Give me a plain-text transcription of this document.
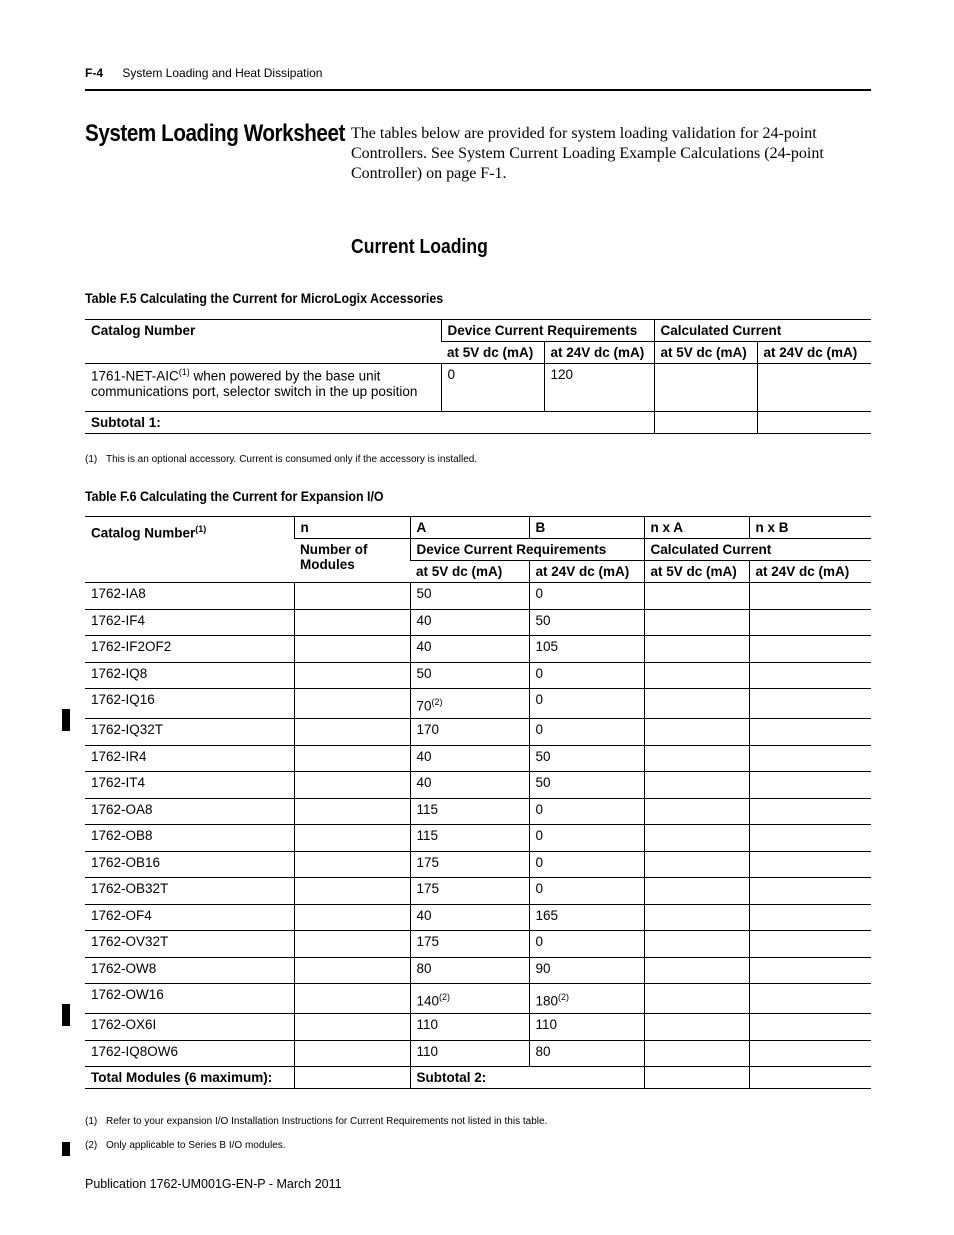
F-4 System Loading and Heat Dissipation
System Loading Worksheet The tables below are provided for system loading validation for 24-point Controllers. See System Current Loading Example Calculations (24-point Controller) on page F-1.
Current Loading
Table F.5 Calculating the Current for MicroLogix Accessories
Catalog Number	Device Current Requirements		Calculated Current	
	at 5V dc (mA)	at 24V dc (mA)	at 5V dc (mA)	at 24V dc (mA)
1761-NET-AIC$^{(1)}$ when powered by the base unit communications port, selector switch in the up position	0	120		
Subtotal 1:				
(1) This is an optional accessory. Current is consumed only if the accessory is installed.
Table F.6 Calculating the Current for Expansion I/O
Catalog Number$^{(1)}$	n	A	B	n x A	n x B
	Number of Modules	Device Current Requirements		Calculated Current	
		at 5V dc (mA)	at 24V dc (mA)	at 5V dc (mA)	at 24V dc (mA)
1762-IA8		50	0		
1762-IF4		40	50		
1762-IF2OF2		40	105		
1762-IQ8		50	0		
1762-IQ16		70$^{(2)}$	0		
1762-IQ32T		170	0		
1762-IR4		40	50		
1762-IT4		40	50		
1762-OA8		115	0		
1762-OB8		115	0		
1762-OB16		175	0		
1762-OB32T		175	0		
1762-OF4		40	165		
1762-OV32T		175	0		
1762-OW8		80	90		
1762-OW16		140$^{(2)}$	180$^{(2)}$		
1762-OX6I		110	110		
1762-IQ8OW6		110	80		
Total Modules (6 maximum):		Subtotal 2:			
(1) Refer to your expansion I/O Installation Instructions for Current Requirements not listed in this table.
(2) Only applicable to Series B I/O modules.
Publication 1762-UM001G-EN-P - March 2011
